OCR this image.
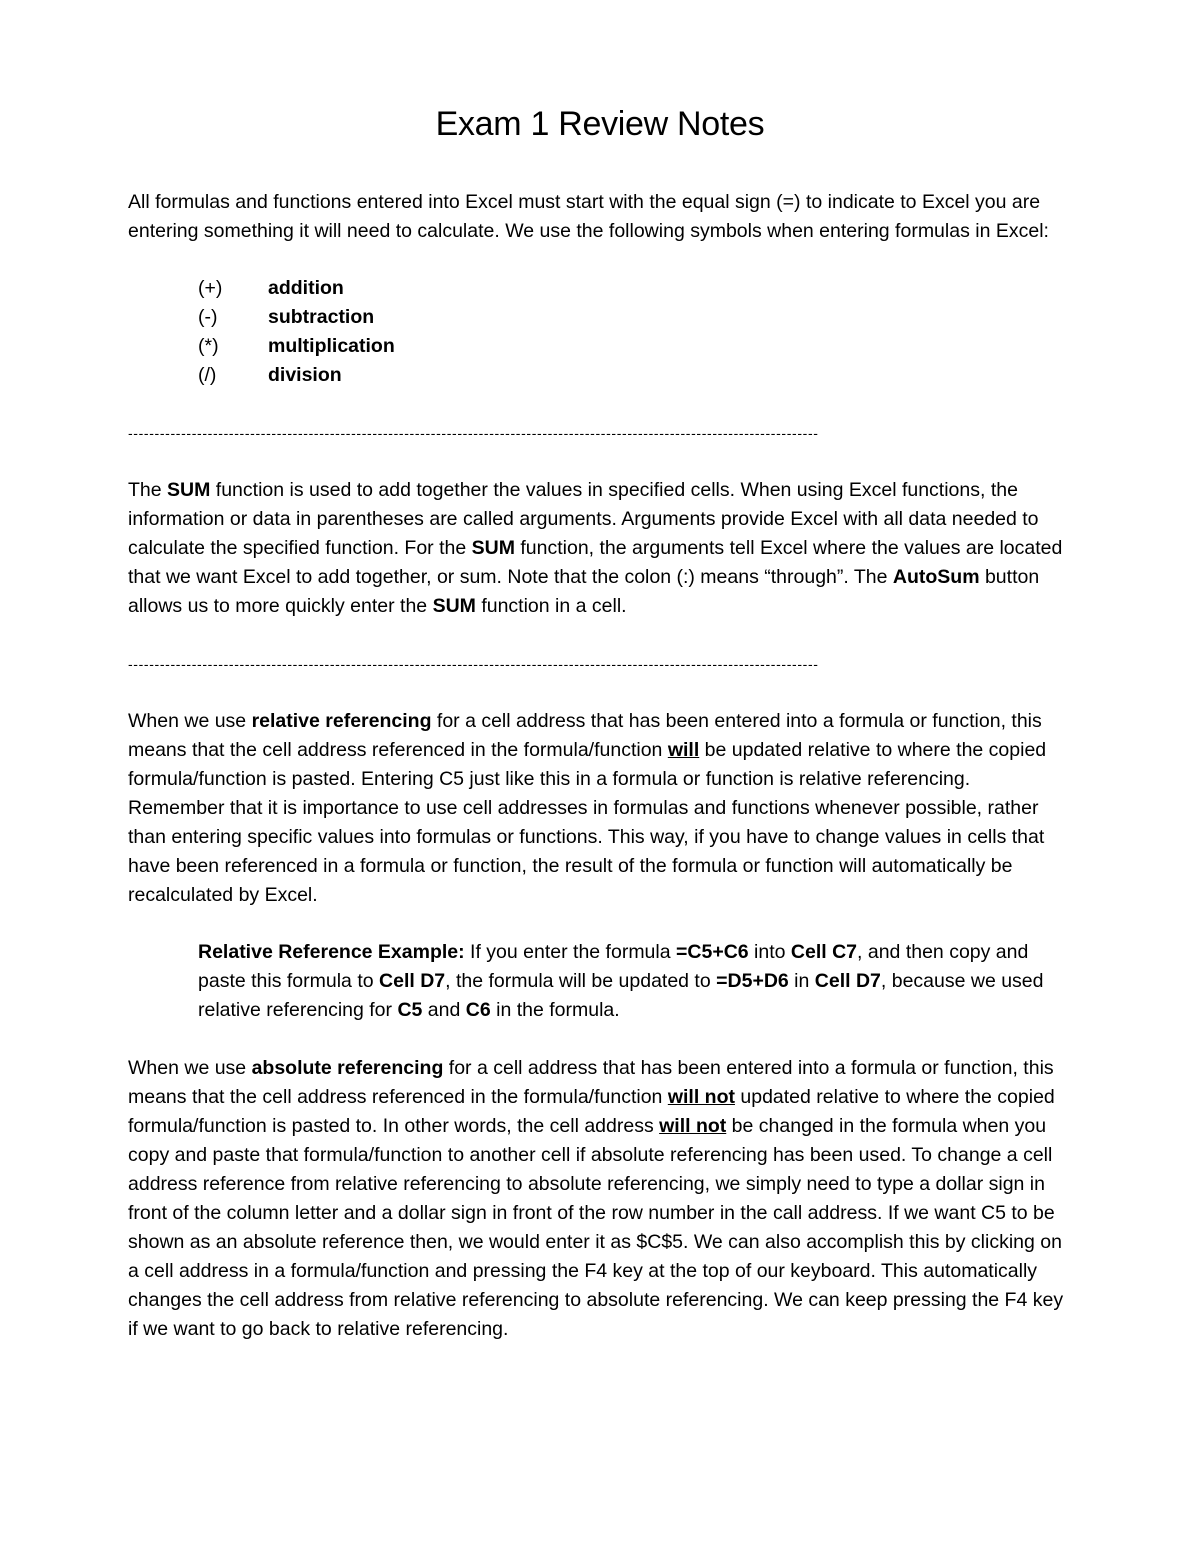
Exam 1 Review Notes

All formulas and functions entered into Excel must start with the equal sign (=) to indicate to Excel you are entering something it will need to calculate. We use the following symbols when entering formulas in Excel:

(+)	addition
(-)	subtraction
(*)	multiplication
(/)	division
----------------------------------------------------------------------------------------------------------------------------------

The SUM function is used to add together the values in specified cells. When using Excel functions, the information or data in parentheses are called arguments. Arguments provide Excel with all data needed to calculate the specified function. For the SUM function, the arguments tell Excel where the values are located that we want Excel to add together, or sum. Note that the colon (:) means “through”. The AutoSum button allows us to more quickly enter the SUM function in a cell.

----------------------------------------------------------------------------------------------------------------------------------

When we use relative referencing for a cell address that has been entered into a formula or function, this means that the cell address referenced in the formula/function will be updated relative to where the copied formula/function is pasted. Entering C5 just like this in a formula or function is relative referencing. Remember that it is importance to use cell addresses in formulas and functions whenever possible, rather than entering specific values into formulas or functions. This way, if you have to change values in cells that have been referenced in a formula or function, the result of the formula or function will automatically be recalculated by Excel.

Relative Reference Example: If you enter the formula =C5+C6 into Cell C7, and then copy and paste this formula to Cell D7, the formula will be updated to =D5+D6 in Cell D7, because we used relative referencing for C5 and C6 in the formula.

When we use absolute referencing for a cell address that has been entered into a formula or function, this means that the cell address referenced in the formula/function will not updated relative to where the copied formula/function is pasted to. In other words, the cell address will not be changed in the formula when you copy and paste that formula/function to another cell if absolute referencing has been used. To change a cell address reference from relative referencing to absolute referencing, we simply need to type a dollar sign in front of the column letter and a dollar sign in front of the row number in the call address. If we want C5 to be shown as an absolute reference then, we would enter it as $C$5. We can also accomplish this by clicking on a cell address in a formula/function and pressing the F4 key at the top of our keyboard. This automatically changes the cell address from relative referencing to absolute referencing. We can keep pressing the F4 key if we want to go back to relative referencing.
